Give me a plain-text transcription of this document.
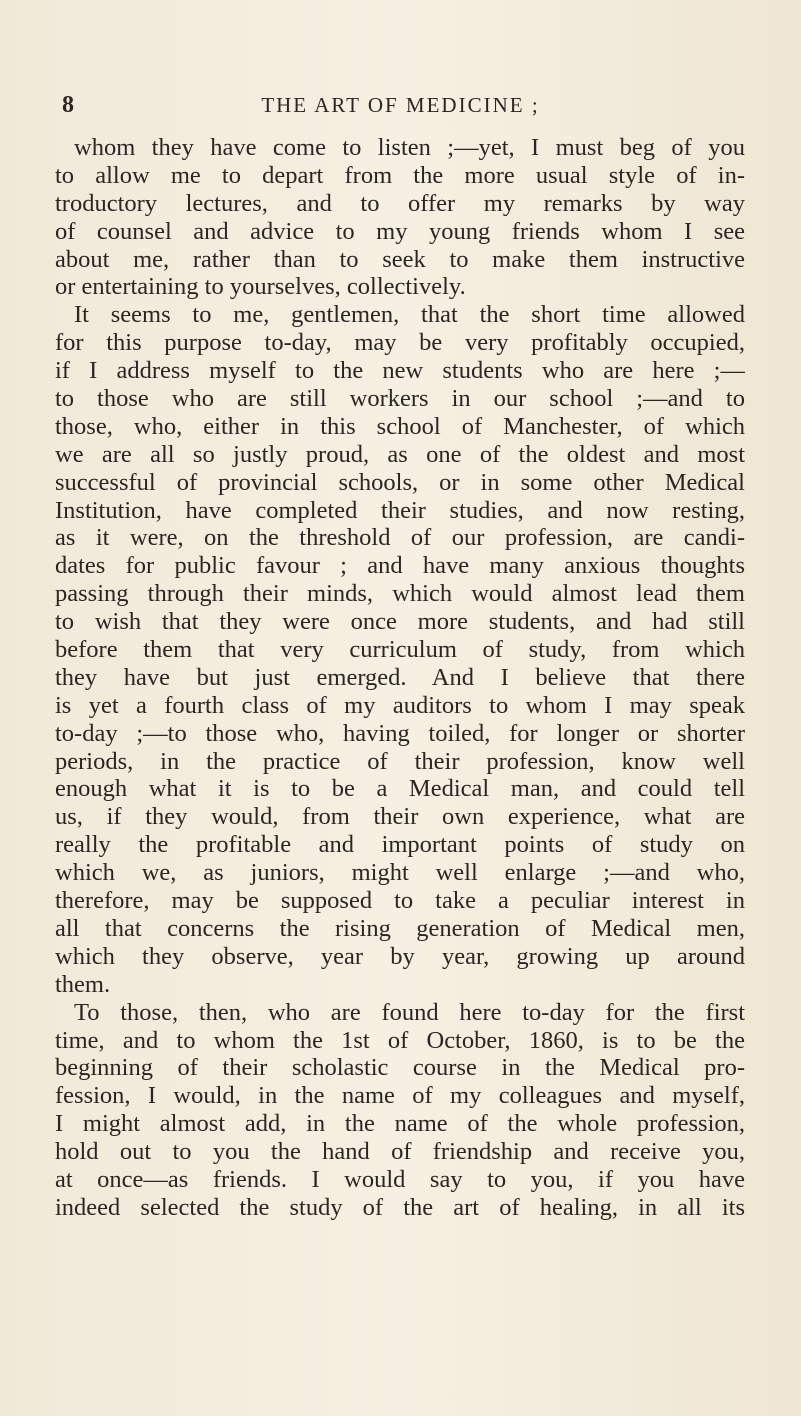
8	THE ART OF MEDICINE ;
whom they have come to listen ;—yet, I must beg of you
to allow me to depart from the more usual style of in-
troductory lectures, and to offer my remarks by way
of counsel and advice to my young friends whom I see
about me, rather than to seek to make them instructive
or entertaining to yourselves, collectively.
It seems to me, gentlemen, that the short time allowed
for this purpose to-day, may be very profitably occupied,
if I address myself to the new students who are here ;—
to those who are still workers in our school ;—and to
those, who, either in this school of Manchester, of which
we are all so justly proud, as one of the oldest and most
successful of provincial schools, or in some other Medical
Institution, have completed their studies, and now resting,
as it were, on the threshold of our profession, are candi-
dates for public favour ; and have many anxious thoughts
passing through their minds, which would almost lead them
to wish that they were once more students, and had still
before them that very curriculum of study, from which
they have but just emerged. And I believe that there
is yet a fourth class of my auditors to whom I may speak
to-day ;—to those who, having toiled, for longer or shorter
periods, in the practice of their profession, know well
enough what it is to be a Medical man, and could tell
us, if they would, from their own experience, what are
really the profitable and important points of study on
which we, as juniors, might well enlarge ;—and who,
therefore, may be supposed to take a peculiar interest in
all that concerns the rising generation of Medical men,
which they observe, year by year, growing up around
them.
To those, then, who are found here to-day for the first
time, and to whom the 1st of October, 1860, is to be the
beginning of their scholastic course in the Medical pro-
fession, I would, in the name of my colleagues and myself,
I might almost add, in the name of the whole profession,
hold out to you the hand of friendship and receive you,
at once—as friends. I would say to you, if you have
indeed selected the study of the art of healing, in all its
